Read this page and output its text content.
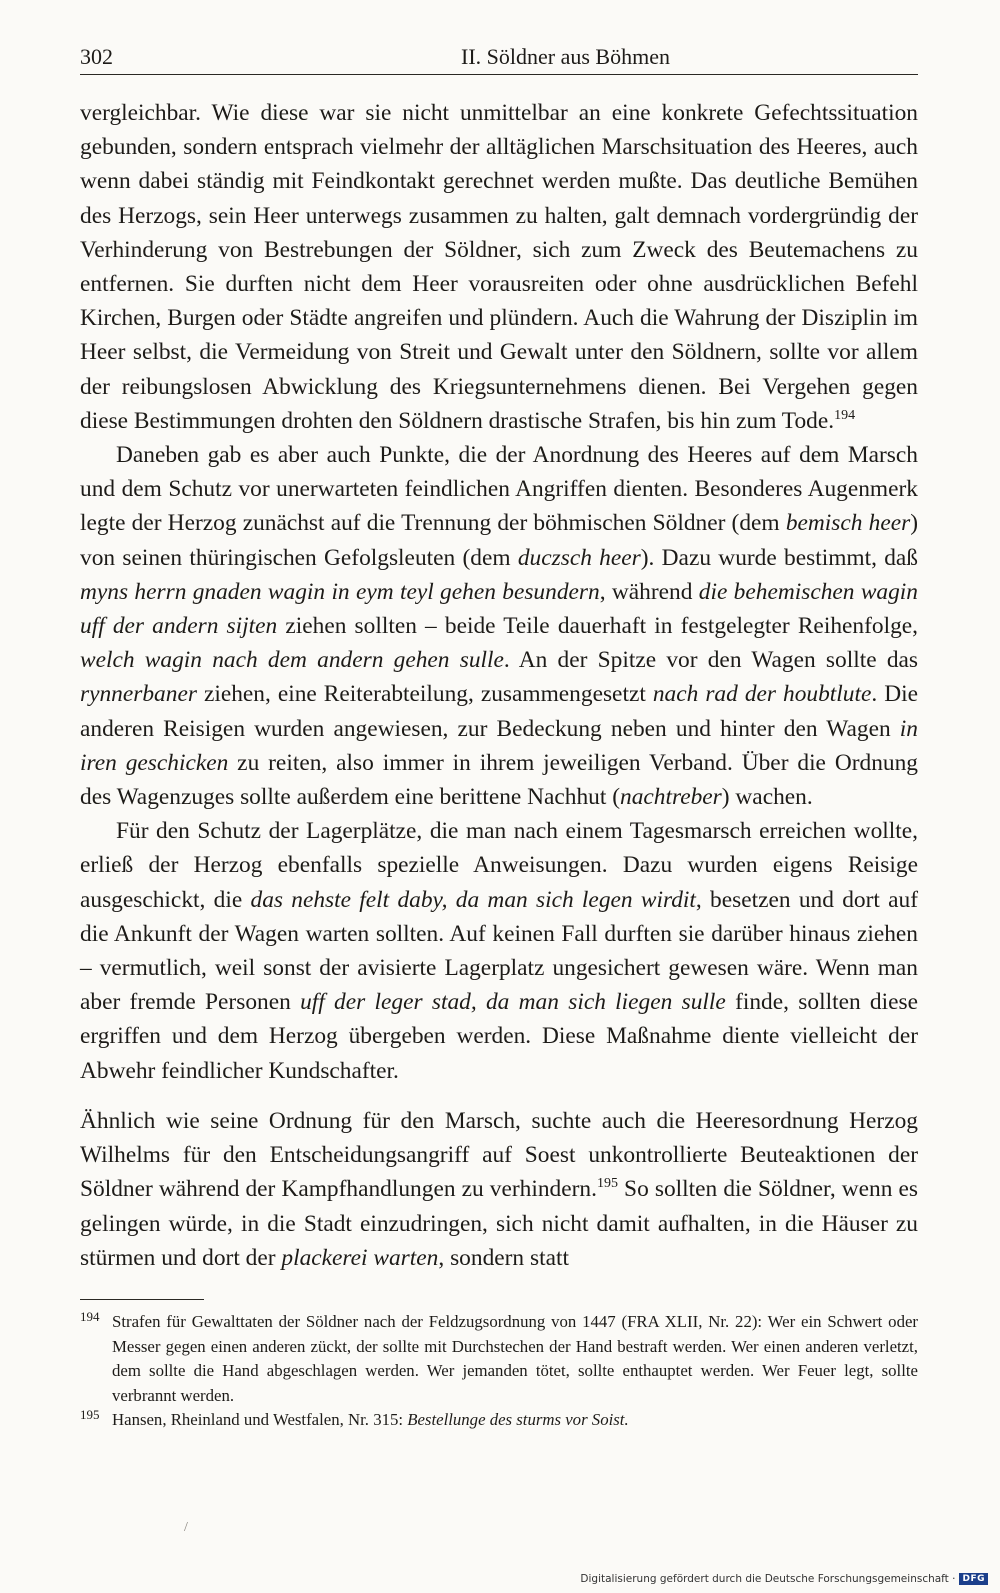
302	II. Söldner aus Böhmen

vergleichbar. Wie diese war sie nicht unmittelbar an eine konkrete Gefechtssituation gebunden, sondern entsprach vielmehr der alltäglichen Marschsituation des Heeres, auch wenn dabei ständig mit Feindkontakt gerechnet werden mußte. Das deutliche Bemühen des Herzogs, sein Heer unterwegs zusammen zu halten, galt demnach vordergründig der Verhinderung von Bestrebungen der Söldner, sich zum Zweck des Beutemachens zu entfernen. Sie durften nicht dem Heer vorausreiten oder ohne ausdrücklichen Befehl Kirchen, Burgen oder Städte angreifen und plündern. Auch die Wahrung der Disziplin im Heer selbst, die Vermeidung von Streit und Gewalt unter den Söldnern, sollte vor allem der reibungslosen Abwicklung des Kriegsunternehmens dienen. Bei Vergehen gegen diese Bestimmungen drohten den Söldnern drastische Strafen, bis hin zum Tode.$^{194}$

Daneben gab es aber auch Punkte, die der Anordnung des Heeres auf dem Marsch und dem Schutz vor unerwarteten feindlichen Angriffen dienten. Besonderes Augenmerk legte der Herzog zunächst auf die Trennung der böhmischen Söldner (dem bemisch heer) von seinen thüringischen Gefolgsleuten (dem duczsch heer). Dazu wurde bestimmt, daß myns herrn gnaden wagin in eym teyl gehen besundern, während die behemischen wagin uff der andern sijten ziehen sollten – beide Teile dauerhaft in festgelegter Reihenfolge, welch wagin nach dem andern gehen sulle. An der Spitze vor den Wagen sollte das rynnerbaner ziehen, eine Reiterabteilung, zusammengesetzt nach rad der houbtlute. Die anderen Reisigen wurden angewiesen, zur Bedeckung neben und hinter den Wagen in iren geschicken zu reiten, also immer in ihrem jeweiligen Verband. Über die Ordnung des Wagenzuges sollte außerdem eine berittene Nachhut (nachtreber) wachen.

Für den Schutz der Lagerplätze, die man nach einem Tagesmarsch erreichen wollte, erließ der Herzog ebenfalls spezielle Anweisungen. Dazu wurden eigens Reisige ausgeschickt, die das nehste felt daby, da man sich legen wirdit, besetzen und dort auf die Ankunft der Wagen warten sollten. Auf keinen Fall durften sie darüber hinaus ziehen – vermutlich, weil sonst der avisierte Lagerplatz ungesichert gewesen wäre. Wenn man aber fremde Personen uff der leger stad, da man sich liegen sulle finde, sollten diese ergriffen und dem Herzog übergeben werden. Diese Maßnahme diente vielleicht der Abwehr feindlicher Kundschafter.

Ähnlich wie seine Ordnung für den Marsch, suchte auch die Heeresordnung Herzog Wilhelms für den Entscheidungsangriff auf Soest unkontrollierte Beuteaktionen der Söldner während der Kampfhandlungen zu verhindern.$^{195}$ So sollten die Söldner, wenn es gelingen würde, in die Stadt einzudringen, sich nicht damit aufhalten, in die Häuser zu stürmen und dort der plackerei warten, sondern statt

194 Strafen für Gewalttaten der Söldner nach der Feldzugsordnung von 1447 (FRA XLII, Nr. 22): Wer ein Schwert oder Messer gegen einen anderen zückt, der sollte mit Durchstechen der Hand bestraft werden. Wer einen anderen verletzt, dem sollte die Hand abgeschlagen werden. Wer jemanden tötet, sollte enthauptet werden. Wer Feuer legt, sollte verbrannt werden.

195 Hansen, Rheinland und Westfalen, Nr. 315: Bestellunge des sturms vor Soist.

/
Digitalisierung gefördert durch die Deutsche Forschungsgemeinschaft · DFG
